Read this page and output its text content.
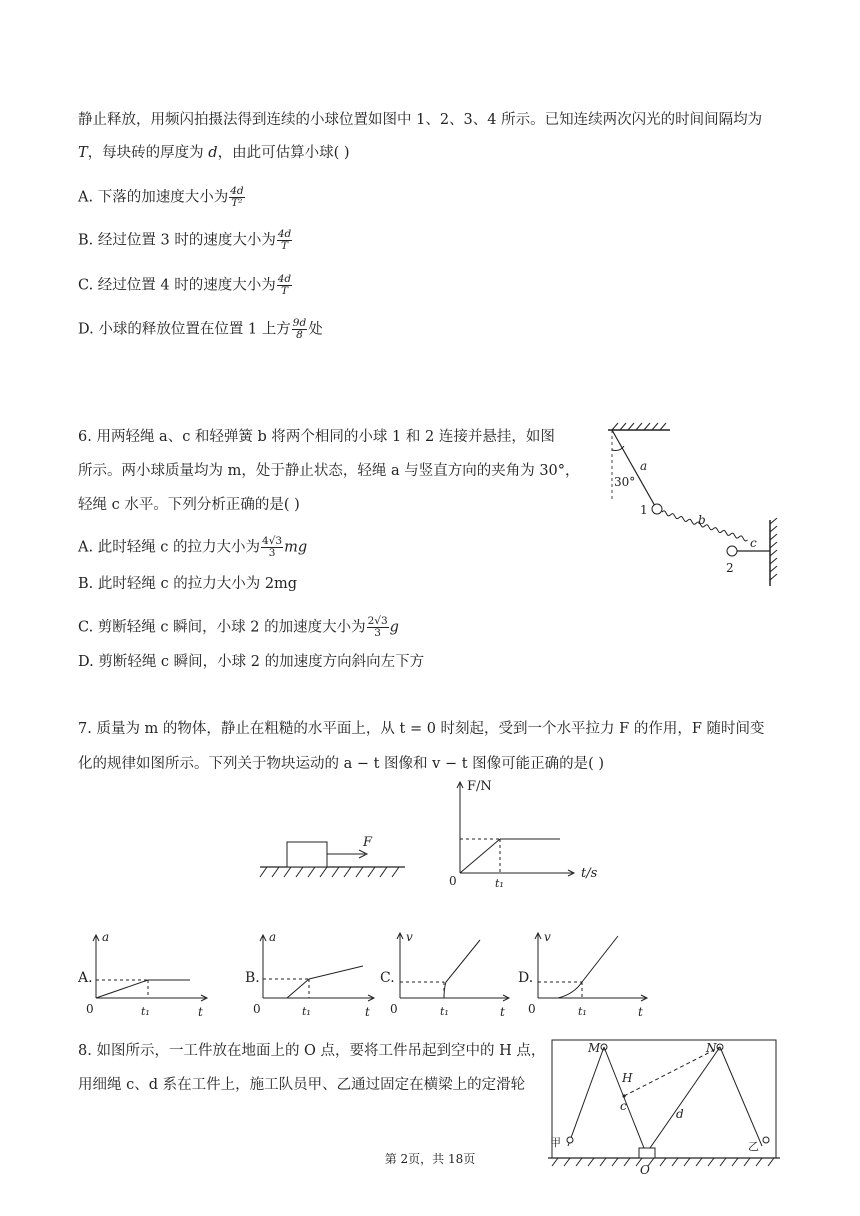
静止释放，用频闪拍摄法得到连续的小球位置如图中 1、2、3、4 所示。已知连续两次闪光的时间间隔均为
T，每块砖的厚度为 d，由此可估算小球( )
A. 下落的加速度大小为 $\frac{4d}{\text{T²}}$
B. 经过位置 3 时的速度大小为 $\frac{4d}{T}$
C. 经过位置 4 时的速度大小为 $\frac{4d}{T}$
D. 小球的释放位置在位置 1 上方 $\frac{9d}{8}$ 处
6. 用两轻绳 a、c 和轻弹簧 b 将两个相同的小球 1 和 2 连接并悬挂，如图
所示。两小球质量均为 m，处于静止状态，轻绳 a 与竖直方向的夹角为 30°，
轻绳 c 水平。下列分析正确的是( )
A. 此时轻绳 c 的拉力大小为 $\frac{4√3}{3}$ mg
B. 此时轻绳 c 的拉力大小为 2mg
C. 剪断轻绳 c 瞬间，小球 2 的加速度大小为 $\frac{2√3}{3}$ g
D. 剪断轻绳 c 瞬间，小球 2 的加速度方向斜向左下方
30°
a
b
c
1
2
7. 质量为 m 的物体，静止在粗糙的水平面上，从 t = 0 时刻起，受到一个水平拉力 F 的作用，F 随时间变
化的规律如图所示。下列关于物块运动的 a − t 图像和 v − t 图像可能正确的是( )
F
F/N
t/s
0	t₁
A.
a
t
0	t₁
B.
a
t
0	t₁
C.
v
t
0	t₁
D.
v
t
0	t₁
8. 如图所示，一工件放在地面上的 O 点，要将工件吊起到空中的 H 点，
用细绳 c、d 系在工件上，施工队员甲、乙通过固定在横梁上的定滑轮
M	N
H
c
d
O
甲	乙
第 2页，共 18页
